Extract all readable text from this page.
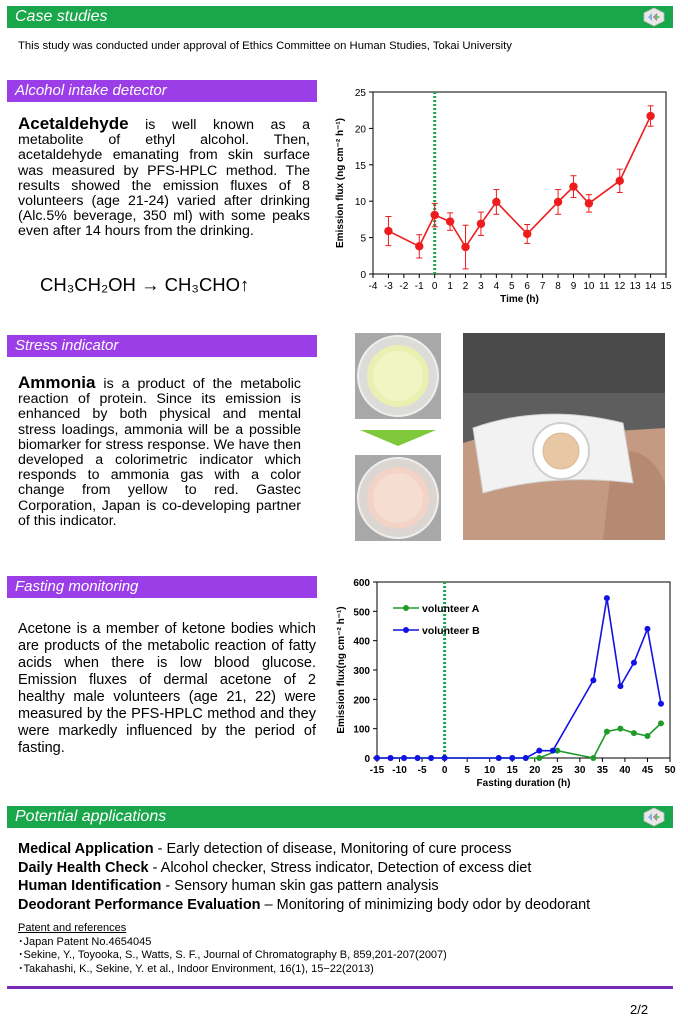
Case studies
This study was conducted under approval of Ethics Committee on Human Studies, Tokai University
Alcohol intake detector
Acetaldehyde is well known as a metabolite of ethyl alcohol. Then, acetaldehyde emanating from skin surface was measured by PFS-HPLC method. The results showed the emission fluxes of 8 volunteers (age 21-24) varied after drinking (Alc.5% beverage, 350 ml) with some peaks even after 14 hours from the drinking.
CH₃CH₂OH → CH₃CHO↑	0
5
10
15
20
25
-4 -3 -2 -1 0 1 2 3 4 5 6 7 8 9 10 11 12 13 14 15
Time (h)
Emission flux (ng cm⁻² h⁻¹)
Stress indicator
Ammonia is a product of the metabolic reaction of protein. Since its emission is enhanced by both physical and mental stress loadings, ammonia will be a possible biomarker for stress response. We have then developed a colorimetric indicator which responds to ammonia gas with a color change from yellow to red. Gastec Corporation, Japan is co-developing partner of this indicator.
Fasting monitoring
Acetone is a member of ketone bodies which are products of the metabolic reaction of fatty acids when there is low blood glucose. Emission fluxes of dermal acetone of 2 healthy male volunteers (age 21, 22) were measured by the PFS-HPLC method and they were markedly influenced by the period of fasting.
0
100
200
300
400
500
600
-15 -10 -5 0 5 10 15 20 25 30 35 40 45 50
Fasting duration (h)
Emission flux(ng cm⁻² h⁻¹)	volunteer A
volunteer B
Potential applications
Medical Application - Early detection of disease, Monitoring of cure process
Daily Health Check - Alcohol checker, Stress indicator, Detection of excess diet
Human Identification - Sensory human skin gas pattern analysis
Deodorant Performance Evaluation – Monitoring of minimizing body odor by deodorant
Patent and references
･Japan Patent No.4654045
･Sekine, Y., Toyooka, S., Watts, S. F., Journal of Chromatography B, 859,201-207(2007)
･Takahashi, K., Sekine, Y. et al., Indoor Environment, 16(1), 15−22(2013)
2/2
